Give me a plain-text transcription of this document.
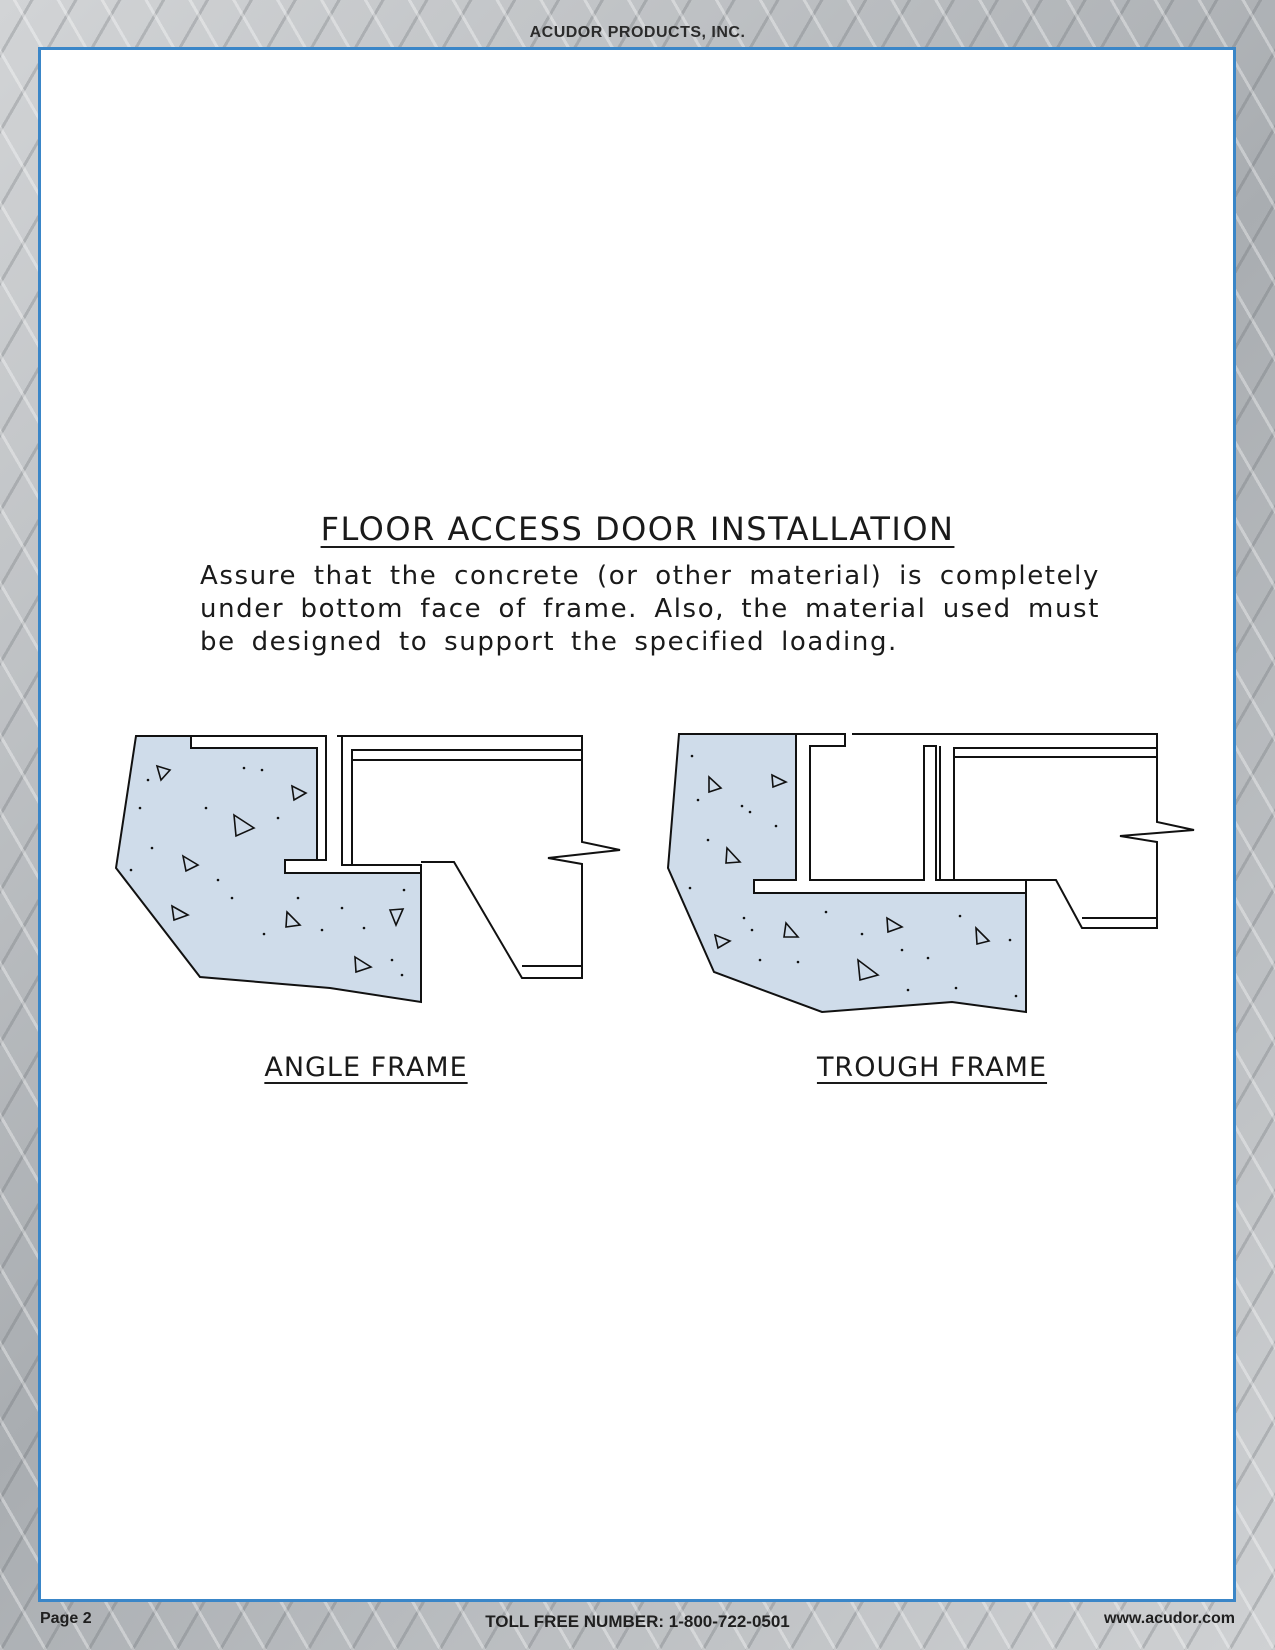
ACUDOR PRODUCTS, INC.
FLOOR ACCESS DOOR INSTALLATION
Assure that the concrete (or other material) is completely under bottom face of frame. Also, the material used must be designed to support the specified loading.
ANGLE FRAME	TROUGH FRAME
Page 2	TOLL FREE NUMBER: 1-800-722-0501	www.acudor.com
